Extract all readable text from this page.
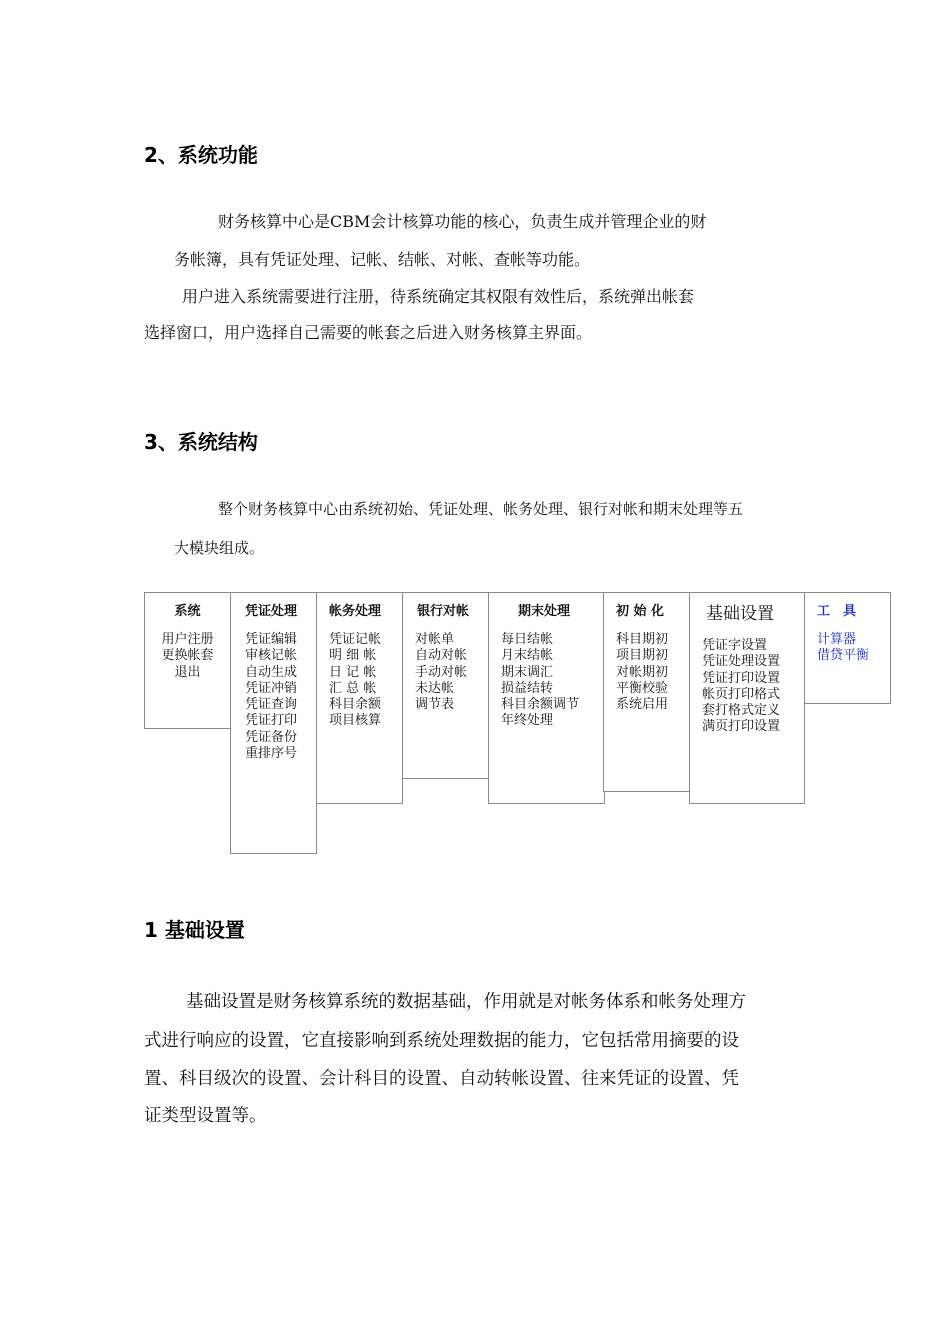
2、系统功能
财务核算中心是CBM会计核算功能的核心，负责生成并管理企业的财
务帐簿，具有凭证处理、记帐、结帐、对帐、查帐等功能。
用户进入系统需要进行注册，待系统确定其权限有效性后，系统弹出帐套
选择窗口，用户选择自己需要的帐套之后进入财务核算主界面。
3、系统结构
整个财务核算中心由系统初始、凭证处理、帐务处理、银行对帐和期末处理等五
大模块组成。
系统
用户注册
更换帐套
退出
凭证处理
凭证编辑
审核记帐
自动生成
凭证冲销
凭证查询
凭证打印
凭证备份
重排序号
帐务处理
凭证记帐
明 细 帐
日 记 帐
汇 总 帐
科目余额
项目核算
银行对帐
对帐单
自动对帐
手动对帐
未达帐
调节表
期末处理
每日结帐
月末结帐
期末调汇
损益结转
科目余额调节
年终处理
初 始 化
科目期初
项目期初
对帐期初
平衡校验
系统启用
基础设置
凭证字设置
凭证处理设置
凭证打印设置
帐页打印格式
套打格式定义
满页打印设置
工　具
计算器
借贷平衡
1 基础设置
基础设置是财务核算系统的数据基础，作用就是对帐务体系和帐务处理方
式进行响应的设置，它直接影响到系统处理数据的能力，它包括常用摘要的设
置、科目级次的设置、会计科目的设置、自动转帐设置、往来凭证的设置、凭
证类型设置等。
